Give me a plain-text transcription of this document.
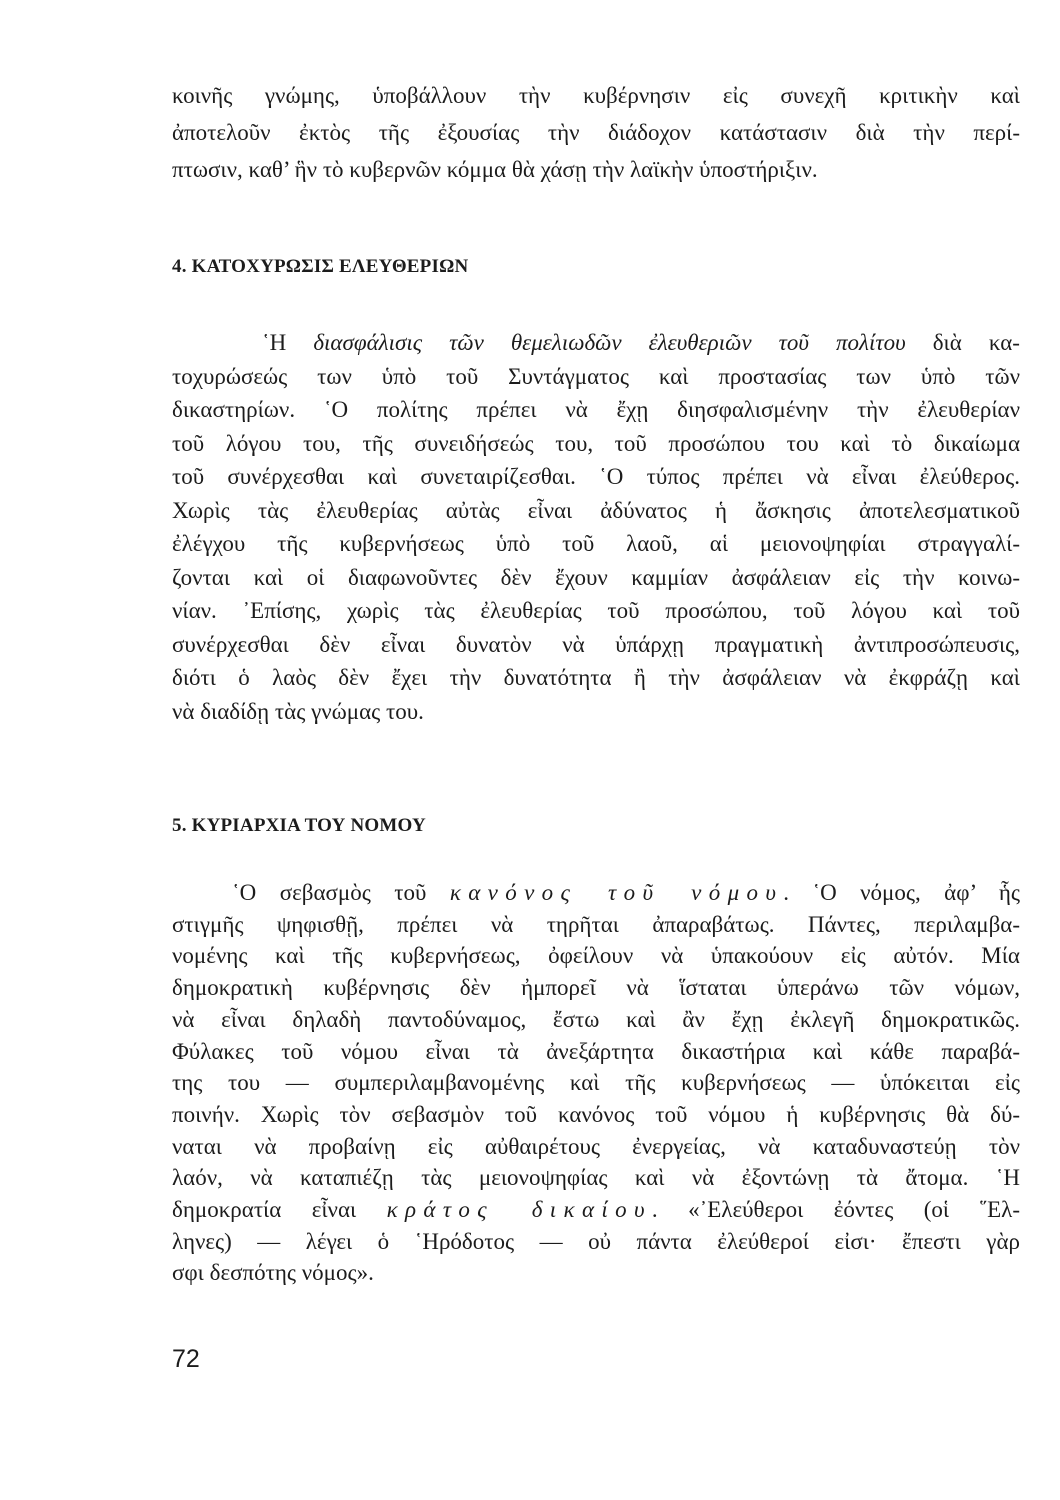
κοινῆς γνώμης, ὑποβάλλουν τὴν κυβέρνησιν εἰς συνεχῆ κριτικὴν καὶ
ἀποτελοῦν ἐκτὸς τῆς ἐξουσίας τὴν διάδοχον κατάστασιν διὰ τὴν περί-
πτωσιν, καθ’ ἣν τὸ κυβερνῶν κόμμα θὰ χάσῃ τὴν λαϊκὴν ὑποστήριξιν.
4. ΚΑΤΟΧΥΡΩΣΙΣ ΕΛΕΥΘΕΡΙΩΝ
῾Η διασφάλισις τῶν θεμελιωδῶν ἐλευθεριῶν τοῦ πολίτου διὰ κα-
τοχυρώσεώς των ὑπὸ τοῦ Συντάγματος καὶ προστασίας των ὑπὸ τῶν
δικαστηρίων. ῾Ο πολίτης πρέπει νὰ ἔχῃ διησφαλισμένην τὴν ἐλευθερίαν
τοῦ λόγου του, τῆς συνειδήσεώς του, τοῦ προσώπου του καὶ τὸ δικαίωμα
τοῦ συνέρχεσθαι καὶ συνεταιρίζεσθαι. ῾Ο τύπος πρέπει νὰ εἶναι ἐλεύθερος.
Χωρὶς τὰς ἐλευθερίας αὐτὰς εἶναι ἀδύνατος ἡ ἄσκησις ἀποτελεσματικοῦ
ἐλέγχου τῆς κυβερνήσεως ὑπὸ τοῦ λαοῦ, αἱ μειονοψηφίαι στραγγαλί-
ζονται καὶ οἱ διαφωνοῦντες δὲν ἔχουν καμμίαν ἀσφάλειαν εἰς τὴν κοινω-
νίαν. ᾽Επίσης, χωρὶς τὰς ἐλευθερίας τοῦ προσώπου, τοῦ λόγου καὶ τοῦ
συνέρχεσθαι δὲν εἶναι δυνατὸν νὰ ὑπάρχῃ πραγματικὴ ἀντιπροσώπευσις,
διότι ὁ λαὸς δὲν ἔχει τὴν δυνατότητα ἢ τὴν ἀσφάλειαν νὰ ἐκφράζῃ καὶ
νὰ διαδίδῃ τὰς γνώμας του.
5. ΚΥΡΙΑΡΧΙΑ ΤΟΥ ΝΟΜΟΥ
῾Ο σεβασμὸς τοῦ κανόνος τοῦ νόμου. ῾Ο νόμος, ἀφ’ ἧς
στιγμῆς ψηφισθῇ, πρέπει νὰ τηρῆται ἀπαραβάτως. Πάντες, περιλαμβα-
νομένης καὶ τῆς κυβερνήσεως, ὀφείλουν νὰ ὑπακούουν εἰς αὐτόν. Μία
δημοκρατικὴ κυβέρνησις δὲν ἠμπορεῖ νὰ ἵσταται ὑπεράνω τῶν νόμων,
νὰ εἶναι δηλαδὴ παντοδύναμος, ἔστω καὶ ἂν ἔχῃ ἐκλεγῆ δημοκρατικῶς.
Φύλακες τοῦ νόμου εἶναι τὰ ἀνεξάρτητα δικαστήρια καὶ κάθε παραβά-
της του — συμπεριλαμβανομένης καὶ τῆς κυβερνήσεως — ὑπόκειται εἰς
ποινήν. Χωρὶς τὸν σεβασμὸν τοῦ κανόνος τοῦ νόμου ἡ κυβέρνησις θὰ δύ-
ναται νὰ προβαίνῃ εἰς αὐθαιρέτους ἐνεργείας, νὰ καταδυναστεύῃ τὸν
λαόν, νὰ καταπιέζῃ τὰς μειονοψηφίας καὶ νὰ ἐξοντώνῃ τὰ ἄτομα. ῾Η
δημοκρατία εἶναι κράτος δικαίου. «᾽Ελεύθεροι ἐόντες (οἱ ῞Ελ-
ληνες) — λέγει ὁ ῾Ηρόδοτος — οὐ πάντα ἐλεύθεροί εἰσι· ἔπεστι γὰρ
σφι δεσπότης νόμος».
72
